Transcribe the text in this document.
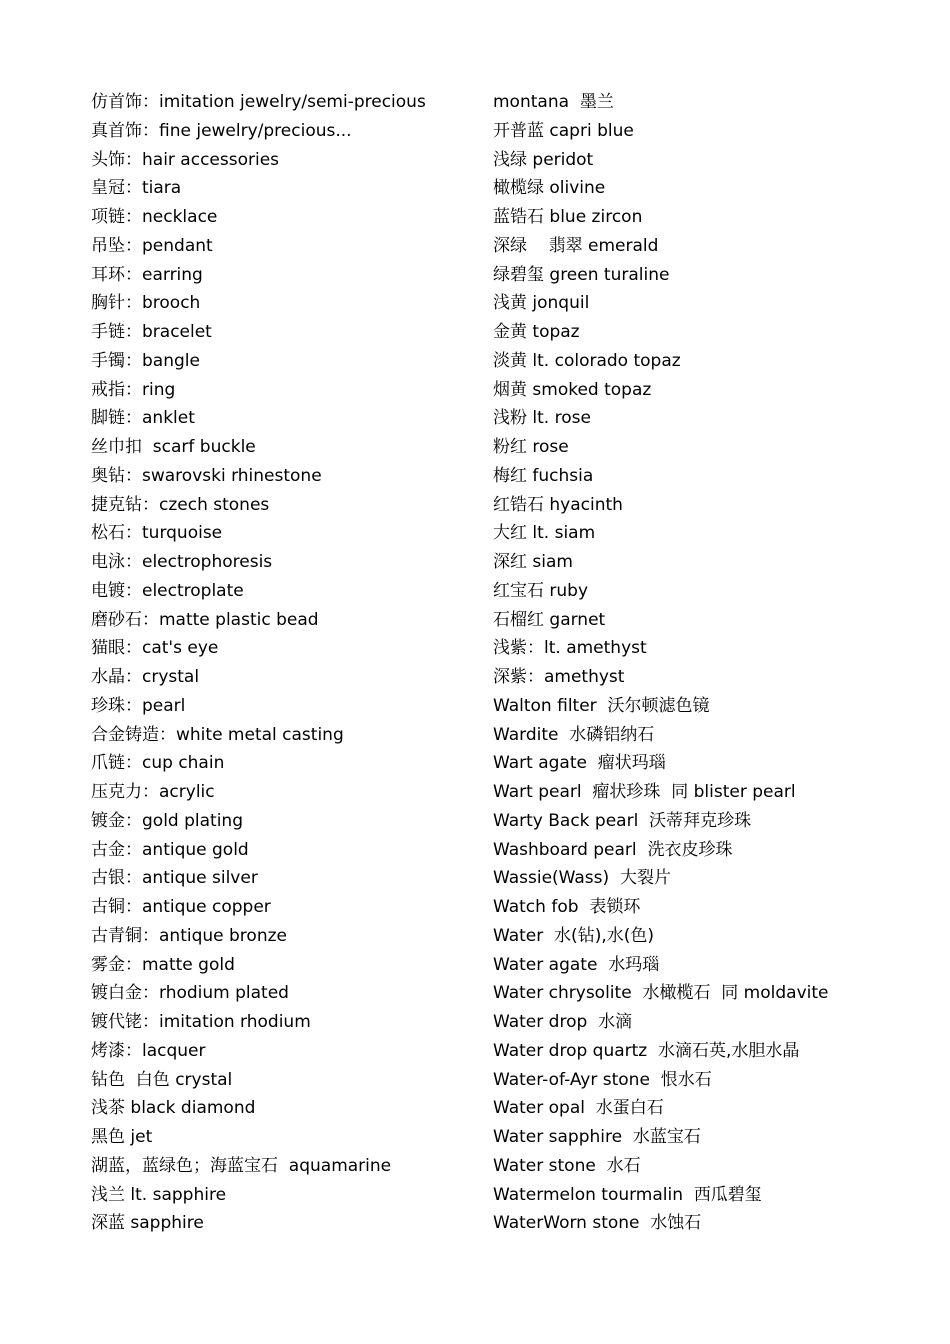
仿首饰：imitation jewelry/semi-precious
真首饰：fine jewelry/precious...
头饰：hair accessories
皇冠：tiara
项链：necklace
吊坠：pendant
耳环：earring
胸针：brooch
手链：bracelet
手镯：bangle
戒指：ring
脚链：anklet
丝巾扣  scarf buckle
奥钻：swarovski rhinestone
捷克钻：czech stones
松石：turquoise
电泳：electrophoresis
电镀：electroplate
磨砂石：matte plastic bead
猫眼：cat's eye
水晶：crystal
珍珠：pearl
合金铸造：white metal casting
爪链：cup chain
压克力：acrylic
镀金：gold plating
古金：antique gold
古银：antique silver
古铜：antique copper
古青铜：antique bronze
雾金：matte gold
镀白金：rhodium plated
镀代铑：imitation rhodium
烤漆：lacquer
钻色  白色 crystal
浅茶 black diamond
黑色 jet
湖蓝，蓝绿色；海蓝宝石  aquamarine
浅兰 lt. sapphire
深蓝 sapphire
montana  墨兰
开普蓝 capri blue
浅绿 peridot
橄榄绿 olivine
蓝锆石 blue zircon
深绿    翡翠 emerald
绿碧玺 green turaline
浅黄 jonquil
金黄 topaz
淡黄 lt. colorado topaz
烟黄 smoked topaz
浅粉 lt. rose
粉红 rose
梅红 fuchsia
红锆石 hyacinth
大红 lt. siam
深红 siam
红宝石 ruby
石榴红 garnet
浅紫：lt. amethyst
深紫：amethyst
Walton filter  沃尔顿滤色镜
Wardite  水磷铝纳石
Wart agate  瘤状玛瑙
Wart pearl  瘤状珍珠  同 blister pearl
Warty Back pearl  沃蒂拜克珍珠
Washboard pearl  洗衣皮珍珠
Wassie(Wass)  大裂片
Watch fob  表锁环
Water  水(钻),水(色)
Water agate  水玛瑙
Water chrysolite  水橄榄石  同 moldavite
Water drop  水滴
Water drop quartz  水滴石英,水胆水晶
Water-of-Ayr stone  恨水石
Water opal  水蛋白石
Water sapphire  水蓝宝石
Water stone  水石
Watermelon tourmalin  西瓜碧玺
WaterWorn stone  水蚀石
